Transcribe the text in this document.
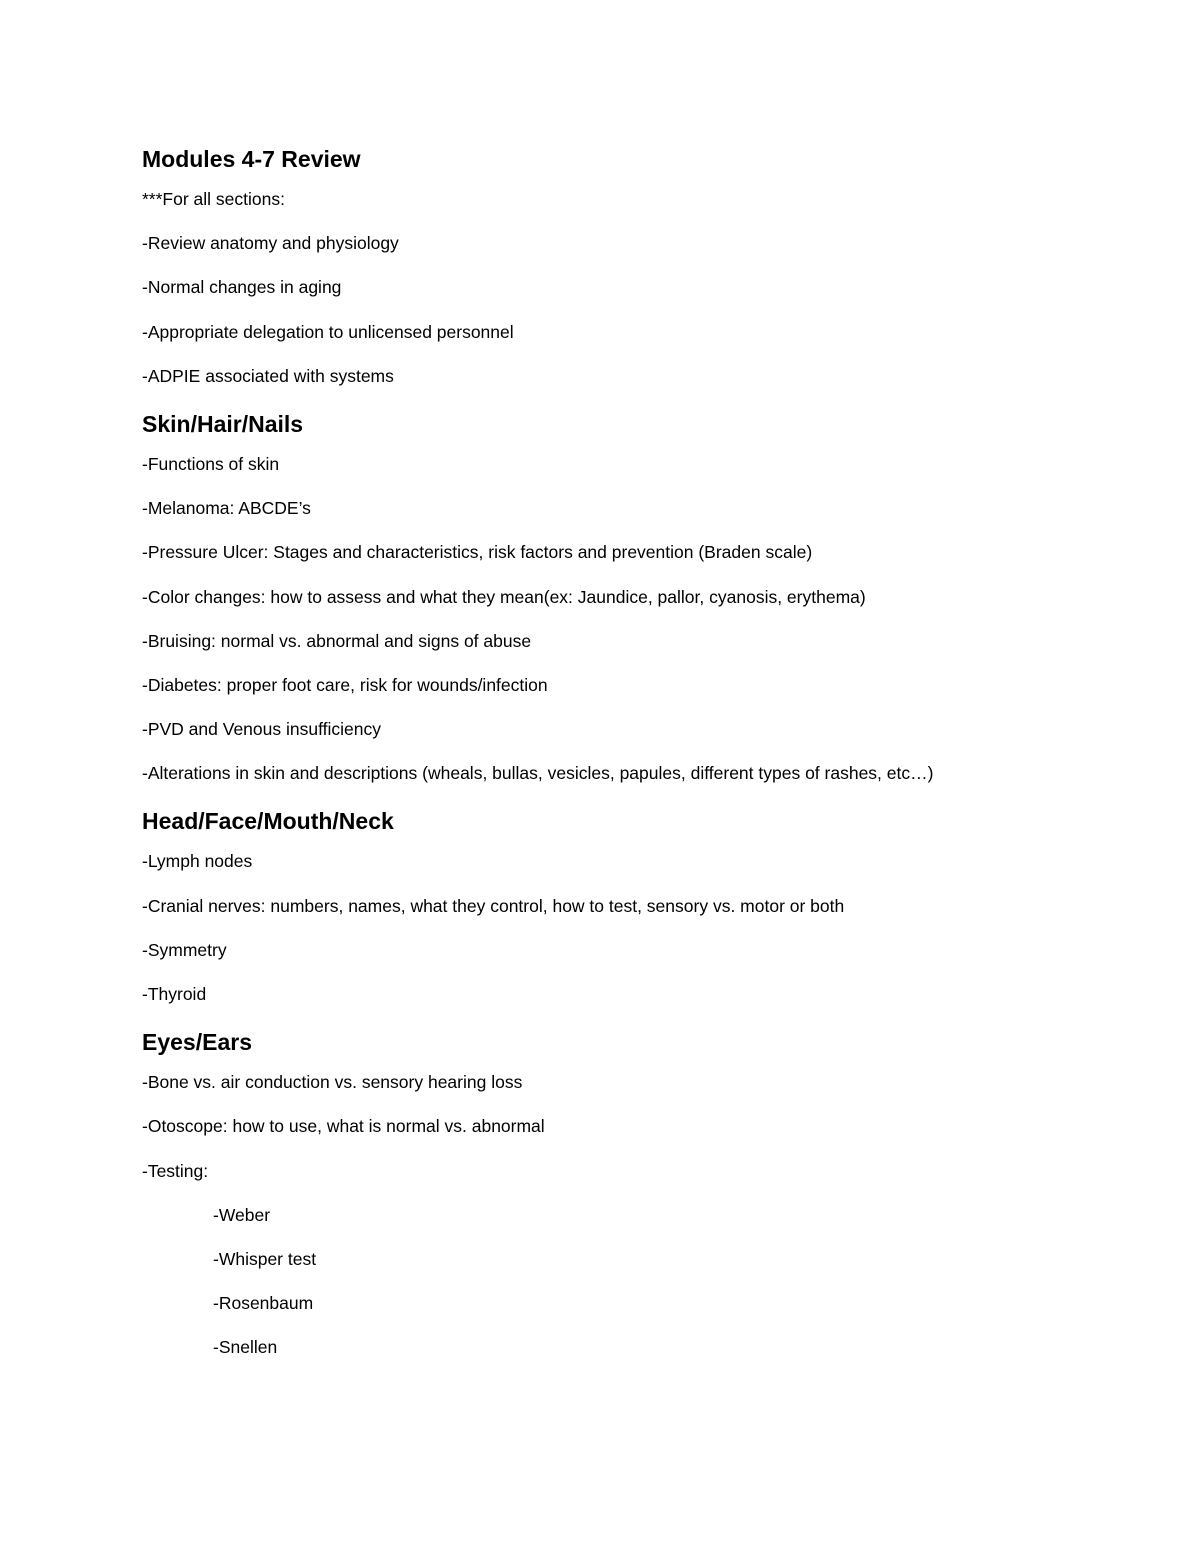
Modules 4-7 Review
***For all sections:
-Review anatomy and physiology
-Normal changes in aging
-Appropriate delegation to unlicensed personnel
-ADPIE associated with systems
Skin/Hair/Nails
-Functions of skin
-Melanoma: ABCDE’s
-Pressure Ulcer: Stages and characteristics, risk factors and prevention (Braden scale)
-Color changes: how to assess and what they mean(ex: Jaundice, pallor, cyanosis, erythema)
-Bruising: normal vs. abnormal and signs of abuse
-Diabetes: proper foot care, risk for wounds/infection
-PVD and Venous insufficiency
-Alterations in skin and descriptions (wheals, bullas, vesicles, papules, different types of rashes, etc…)
Head/Face/Mouth/Neck
-Lymph nodes
-Cranial nerves: numbers, names, what they control, how to test, sensory vs. motor or both
-Symmetry
-Thyroid
Eyes/Ears
-Bone vs. air conduction vs. sensory hearing loss
-Otoscope: how to use, what is normal vs. abnormal
-Testing:
-Weber
-Whisper test
-Rosenbaum
-Snellen
